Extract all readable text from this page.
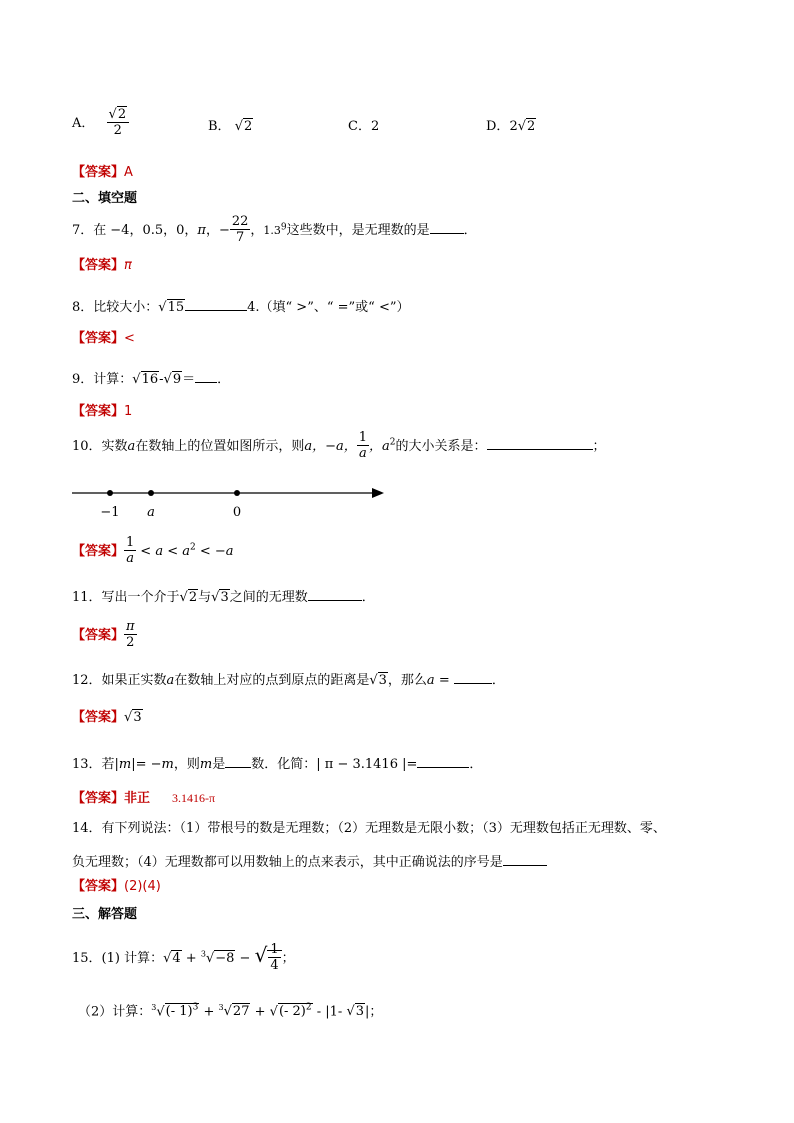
A． $\frac{√2}{2}$	B． √2	C．2	D．2√2
【答案】A
二、填空题
7．在 −4，0.5，0，π，− $\frac{22}{7}$ ，$1.3^9$这些数中，是无理数的是	．
【答案】π
8．比较大小：√15	4.（填“ >”、“ =”或“ <”）
【答案】<
9．计算：√16-√9＝ ．
【答案】1
10．实数a在数轴上的位置如图所示，则a，−a， $\frac{1}{a}$ ，$a^2$的大小关系是：	；
−1 a	0
【答案】 $\frac{1}{a} < a < a^2 < -a$
11．写出一个介于√2与√3之间的无理数	．
【答案】 $\frac{\pi}{2}$
12．如果正实数a在数轴上对应的点到原点的距离是√3，那么a =	．
【答案】√3
13．若|m|= −m，则m是 数．化简：| π − 3.1416 |=	．
【答案】非正 3.1416-π
14．有下列说法：（1）带根号的数是无理数；（2）无理数是无限小数；（3）无理数包括正无理数、零、
负无理数；（4）无理数都可以用数轴上的点来表示，其中正确说法的序号是
【答案】(2)(4)
三、解答题
15．(1) 计算：√4 + $^3$√−8 − √ $\frac{1}{4}$ ；
（2）计算：$^3$√(- 1)$^3$ + $^3$√27 + √(- 2)$^2$ - |1- √3|；
